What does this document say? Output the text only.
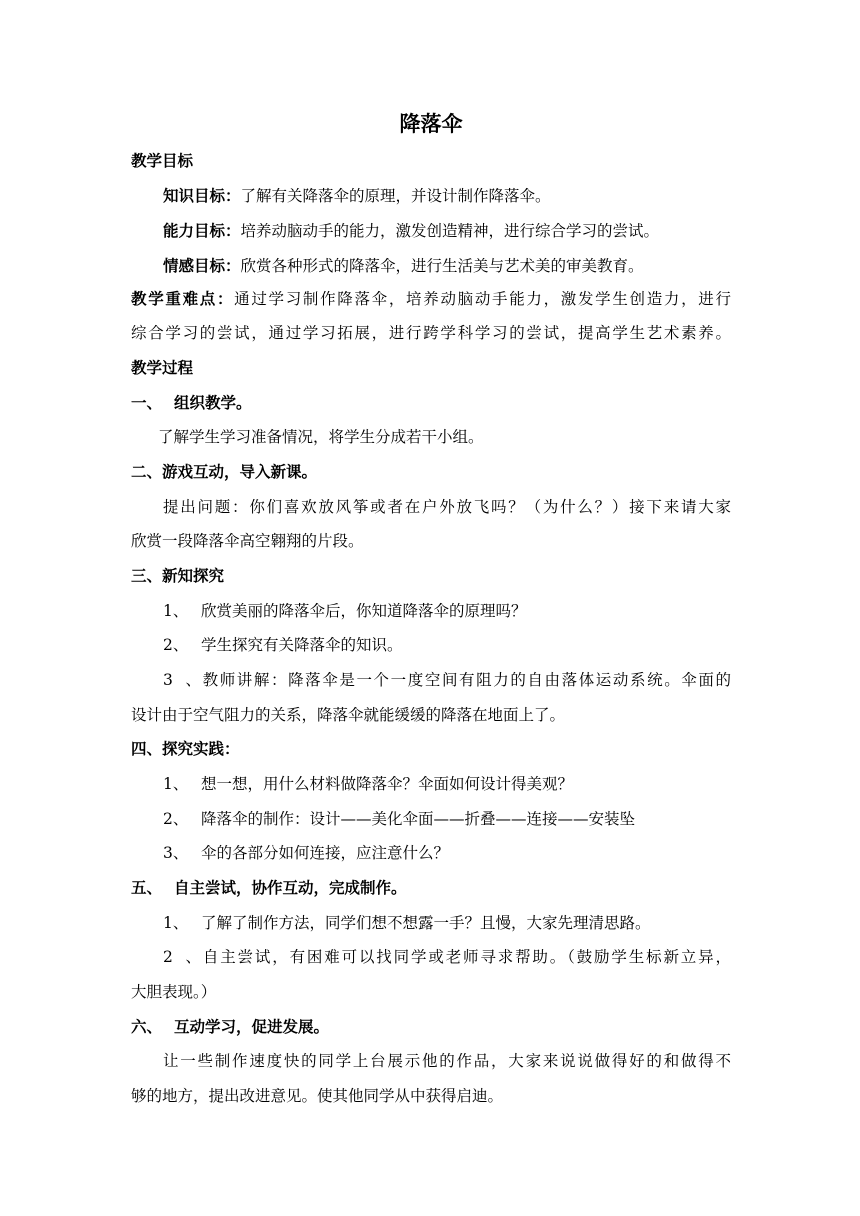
降落伞
教学目标
知识目标：了解有关降落伞的原理，并设计制作降落伞。
能力目标：培养动脑动手的能力，激发创造精神，进行综合学习的尝试。
情感目标：欣赏各种形式的降落伞，进行生活美与艺术美的审美教育。
教学重难点：通过学习制作降落伞，培养动脑动手能力，激发学生创造力，进行
综合学习的尝试，通过学习拓展，进行跨学科学习的尝试，提高学生艺术素养。
教学过程
一、 组织教学。
了解学生学习准备情况，将学生分成若干小组。
二、游戏互动，导入新课。
提出问题：你们喜欢放风筝或者在户外放飞吗？（为什么？）接下来请大家
欣赏一段降落伞高空翱翔的片段。
三、新知探究
1、 欣赏美丽的降落伞后，你知道降落伞的原理吗？
2、 学生探究有关降落伞的知识。
3、教师讲解：降落伞是一个一度空间有阻力的自由落体运动系统。伞面的
设计由于空气阻力的关系，降落伞就能缓缓的降落在地面上了。
四、探究实践：
1、 想一想，用什么材料做降落伞？伞面如何设计得美观？
2、 降落伞的制作：设计——美化伞面——折叠——连接——安装坠
3、 伞的各部分如何连接，应注意什么？
五、 自主尝试，协作互动，完成制作。
1、 了解了制作方法，同学们想不想露一手？且慢，大家先理清思路。
2、自主尝试，有困难可以找同学或老师寻求帮助。（鼓励学生标新立异，
大胆表现。）
六、 互动学习，促进发展。
让一些制作速度快的同学上台展示他的作品，大家来说说做得好的和做得不
够的地方，提出改进意见。使其他同学从中获得启迪。
